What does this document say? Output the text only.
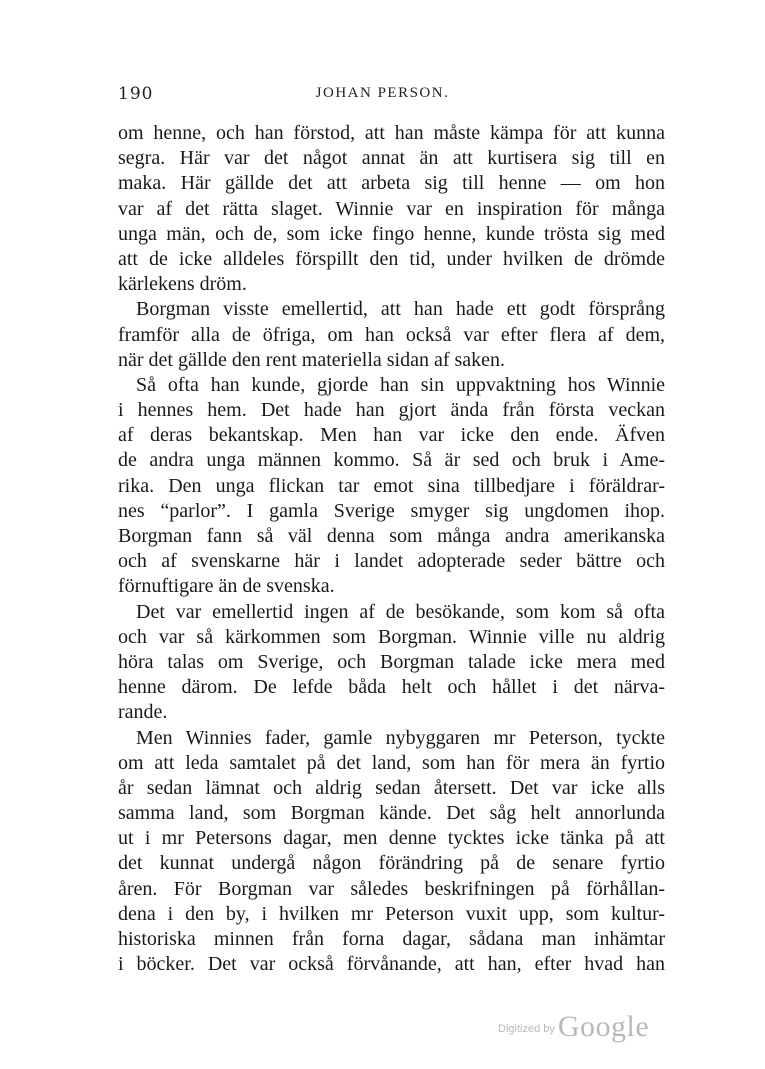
190	JOHAN PERSON.
om henne, och han förstod, att han måste kämpa för att kunna
segra. Här var det något annat än att kurtisera sig till en
maka. Här gällde det att arbeta sig till henne — om hon
var af det rätta slaget. Winnie var en inspiration för många
unga män, och de, som icke fingo henne, kunde trösta sig med
att de icke alldeles förspillt den tid, under hvilken de drömde
kärlekens dröm.
Borgman visste emellertid, att han hade ett godt försprång
framför alla de öfriga, om han också var efter flera af dem,
när det gällde den rent materiella sidan af saken.
Så ofta han kunde, gjorde han sin uppvaktning hos Winnie
i hennes hem. Det hade han gjort ända från första veckan
af deras bekantskap. Men han var icke den ende. Äfven
de andra unga männen kommo. Så är sed och bruk i Ame-
rika. Den unga flickan tar emot sina tillbedjare i föräldrar-
nes “parlor”. I gamla Sverige smyger sig ungdomen ihop.
Borgman fann så väl denna som många andra amerikanska
och af svenskarne här i landet adopterade seder bättre och
förnuftigare än de svenska.
Det var emellertid ingen af de besökande, som kom så ofta
och var så kärkommen som Borgman. Winnie ville nu aldrig
höra talas om Sverige, och Borgman talade icke mera med
henne därom. De lefde båda helt och hållet i det närva-
rande.
Men Winnies fader, gamle nybyggaren mr Peterson, tyckte
om att leda samtalet på det land, som han för mera än fyrtio
år sedan lämnat och aldrig sedan återsett. Det var icke alls
samma land, som Borgman kände. Det såg helt annorlunda
ut i mr Petersons dagar, men denne tycktes icke tänka på att
det kunnat undergå någon förändring på de senare fyrtio
åren. För Borgman var således beskrifningen på förhållan-
dena i den by, i hvilken mr Peterson vuxit upp, som kultur-
historiska minnen från forna dagar, sådana man inhämtar
i böcker. Det var också förvånande, att han, efter hvad han
$^{Digitized by}$ Google
